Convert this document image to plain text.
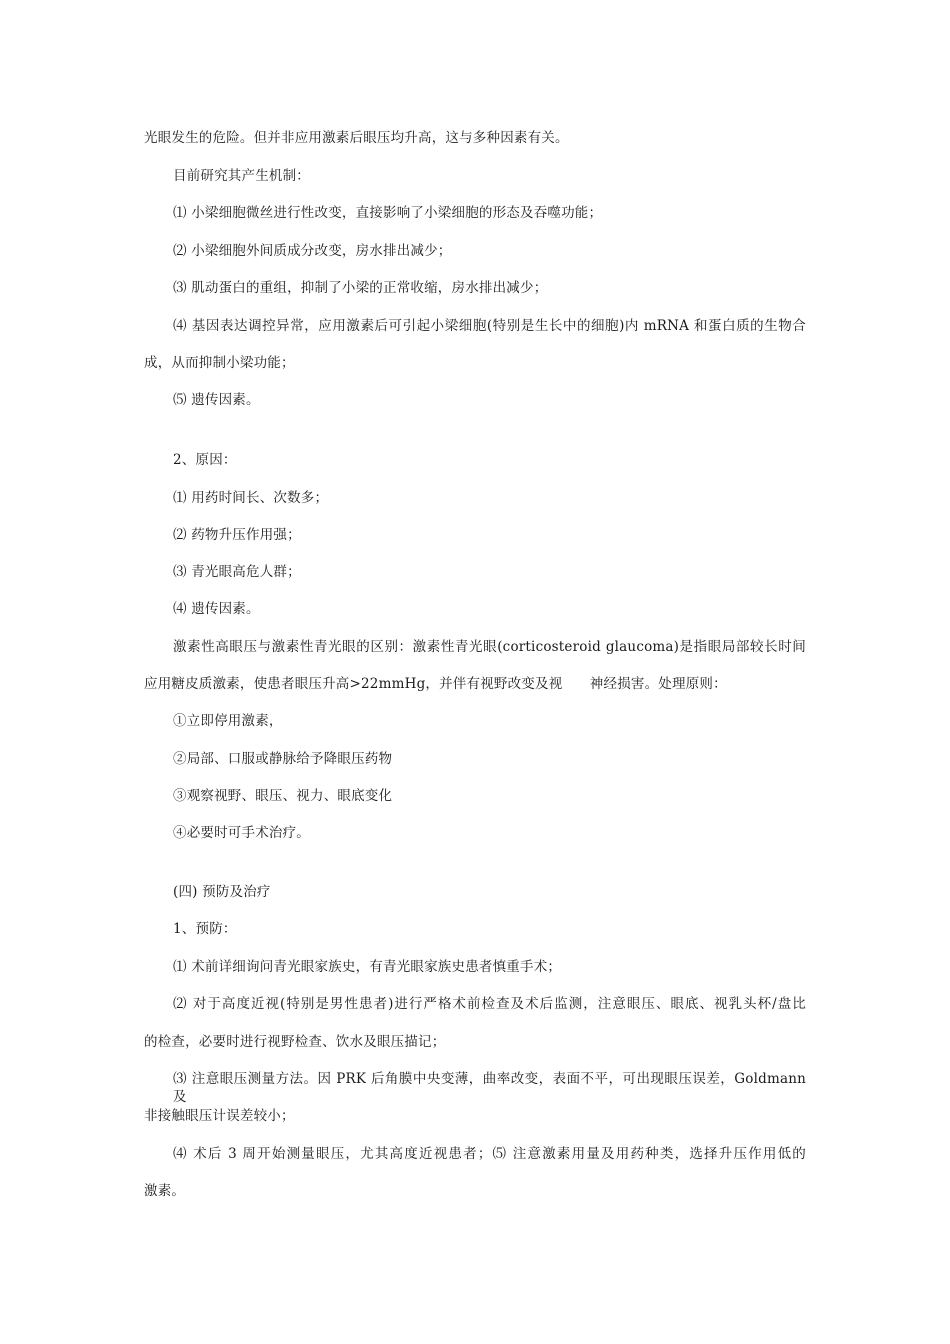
光眼发生的危险。但并非应用激素后眼压均升高，这与多种因素有关。

目前研究其产生机制：

⑴ 小梁细胞微丝进行性改变，直接影响了小梁细胞的形态及吞噬功能；

⑵ 小梁细胞外间质成分改变，房水排出减少；

⑶ 肌动蛋白的重组，抑制了小梁的正常收缩，房水排出减少；

⑷ 基因表达调控异常，应用激素后可引起小梁细胞(特别是生长中的细胞)内 mRNA 和蛋白质的生物合

成，从而抑制小梁功能；

⑸ 遗传因素。

2、原因：

⑴ 用药时间长、次数多；

⑵ 药物升压作用强；

⑶ 青光眼高危人群；

⑷ 遗传因素。

激素性高眼压与激素性青光眼的区别：激素性青光眼(corticosteroid glaucoma)是指眼局部较长时间

应用糖皮质激素，使患者眼压升高>22mmHg，并伴有视野改变及视　　神经损害。处理原则：

①立即停用激素，

②局部、口服或静脉给予降眼压药物

③观察视野、眼压、视力、眼底变化

④必要时可手术治疗。

(四) 预防及治疗

1、预防：

⑴ 术前详细询问青光眼家族史，有青光眼家族史患者慎重手术；

⑵ 对于高度近视(特别是男性患者)进行严格术前检查及术后监测，注意眼压、眼底、视乳头杯/盘比

的检查，必要时进行视野检查、饮水及眼压描记；

⑶ 注意眼压测量方法。因 PRK 后角膜中央变薄，曲率改变，表面不平，可出现眼压误差，Goldmann 及

非接触眼压计误差较小；

⑷ 术后 3 周开始测量眼压，尤其高度近视患者；⑸ 注意激素用量及用药种类，选择升压作用低的

激素。
